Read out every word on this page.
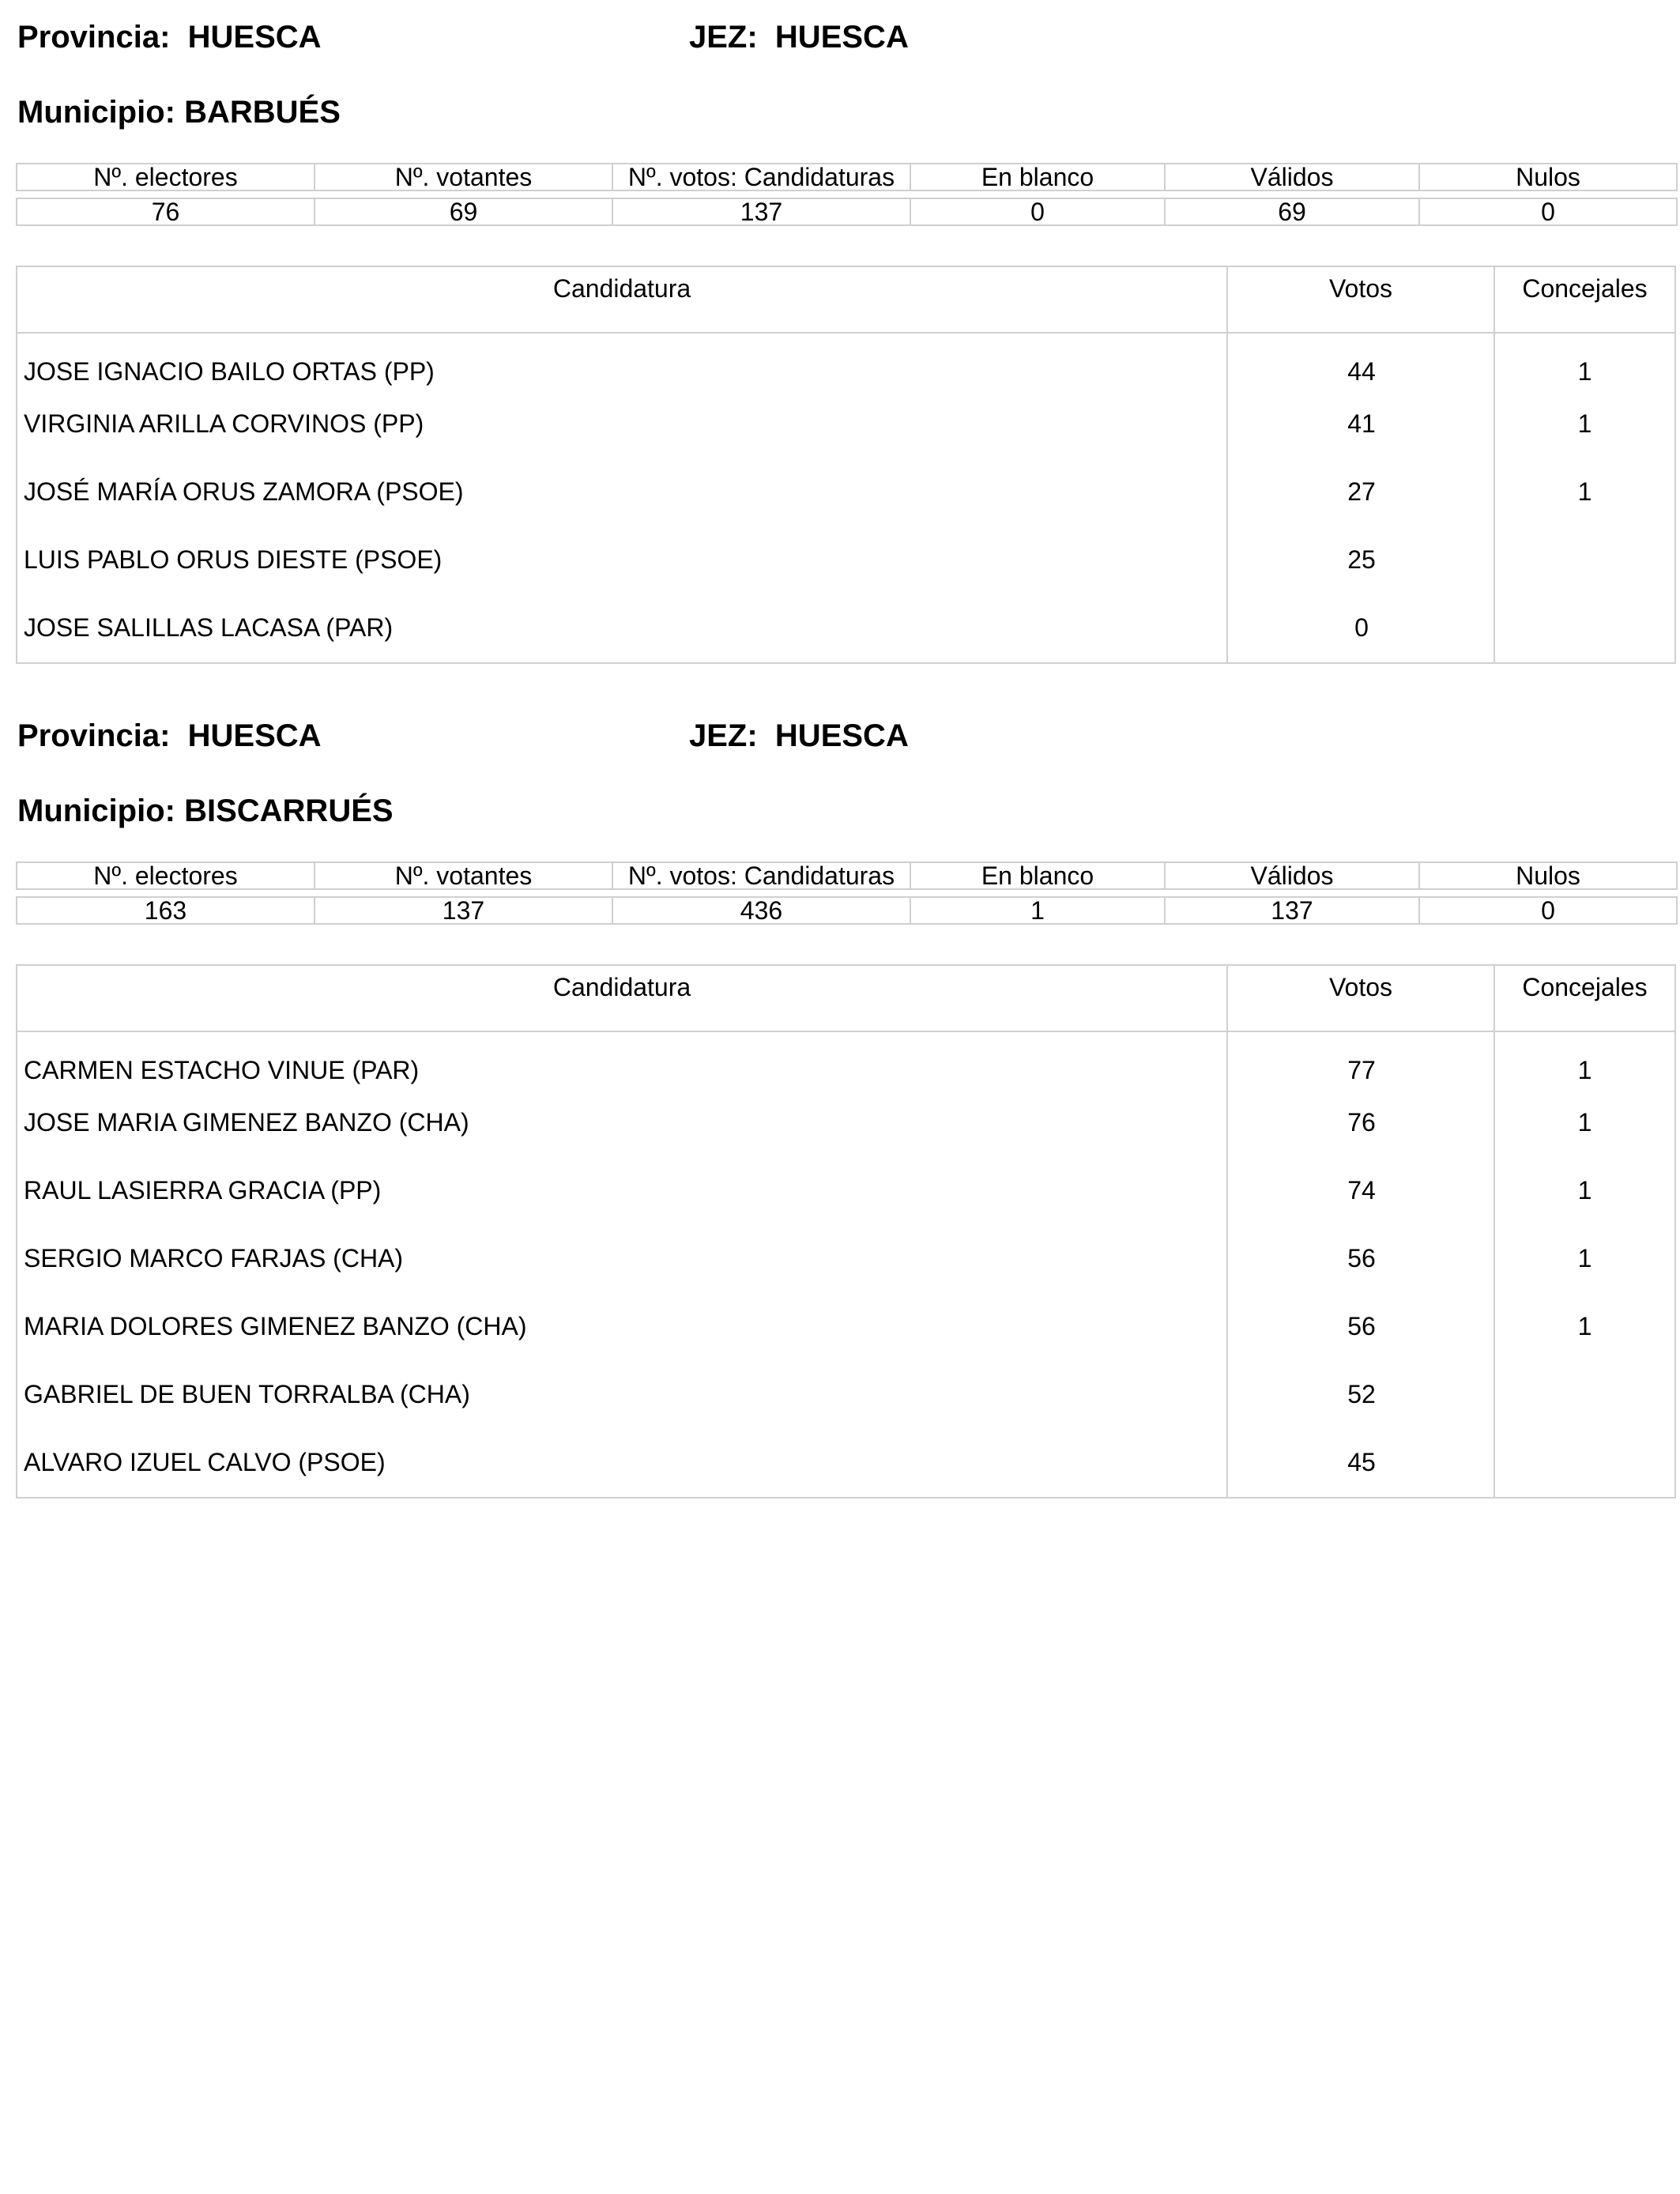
Provincia: HUESCA	JEZ: HUESCA
Municipio: BARBUÉS
Nº. electores	Nº. votantes	Nº. votos: Candidaturas	En blanco	Válidos	Nulos

76	69	137	0	69	0
Candidatura	Votos	Concejales
JOSE IGNACIO BAILO ORTAS (PP)	44	1
VIRGINIA ARILLA CORVINOS (PP)	41	1
JOSÉ MARÍA ORUS ZAMORA (PSOE)	27	1
LUIS PABLO ORUS DIESTE (PSOE)	25
JOSE SALILLAS LACASA (PAR)	0
Provincia: HUESCA	JEZ: HUESCA
Municipio: BISCARRUÉS
Nº. electores	Nº. votantes	Nº. votos: Candidaturas	En blanco	Válidos	Nulos

163	137	436	1	137	0
Candidatura	Votos	Concejales
CARMEN ESTACHO VINUE (PAR)	77	1
JOSE MARIA GIMENEZ BANZO (CHA)	76	1
RAUL LASIERRA GRACIA (PP)	74	1
SERGIO MARCO FARJAS (CHA)	56	1
MARIA DOLORES GIMENEZ BANZO (CHA)	56	1
GABRIEL DE BUEN TORRALBA (CHA)	52
ALVARO IZUEL CALVO (PSOE)	45
